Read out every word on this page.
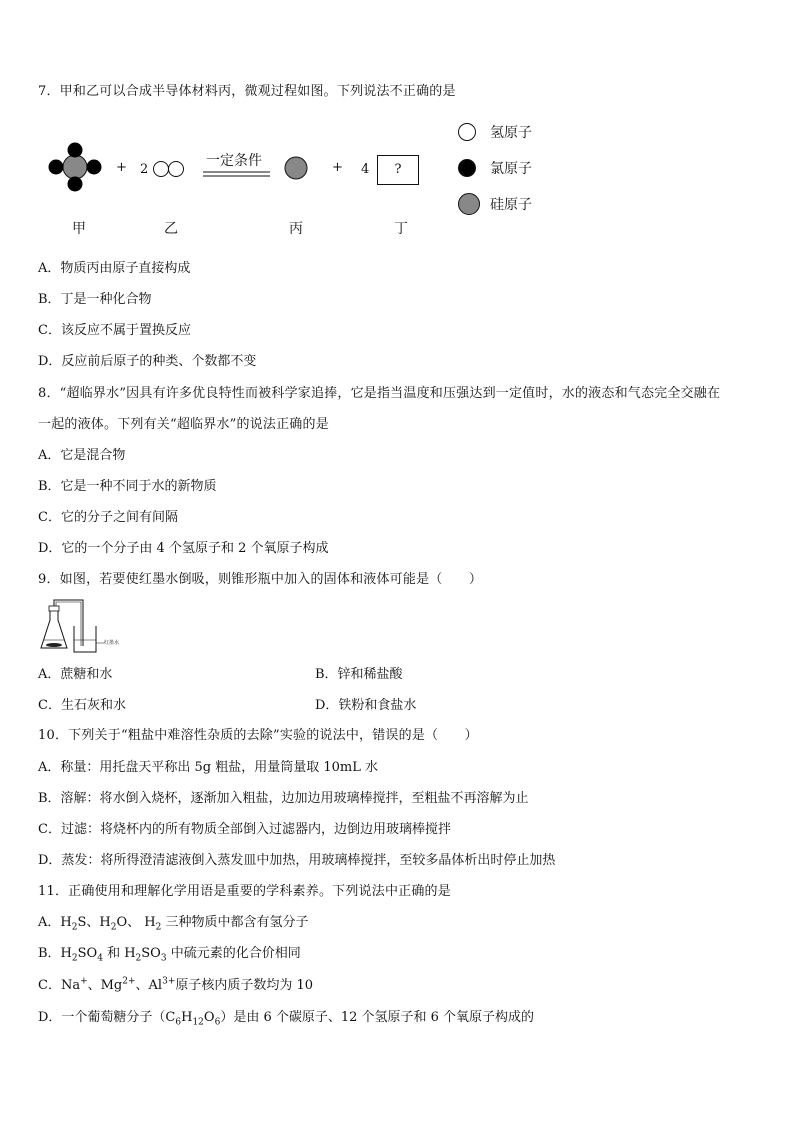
7．甲和乙可以合成半导体材料丙，微观过程如图。下列说法不正确的是
+ 2
一定条件	+ 4	?
甲	乙	丙	丁
氢原子
氯原子
硅原子
A．物质丙由原子直接构成
B．丁是一种化合物
C．该反应不属于置换反应
D．反应前后原子的种类、个数都不变
8．“超临界水”因具有许多优良特性而被科学家追捧，它是指当温度和压强达到一定值时，水的液态和气态完全交融在
一起的液体。下列有关“超临界水”的说法正确的是
A．它是混合物
B．它是一种不同于水的新物质
C．它的分子之间有间隔
D．它的一个分子由 4 个氢原子和 2 个氧原子构成
9．如图，若要使红墨水倒吸，则锥形瓶中加入的固体和液体可能是（　　）
红墨水
A．蔗糖和水	B．锌和稀盐酸
C．生石灰和水	D．铁粉和食盐水
10．下列关于“粗盐中难溶性杂质的去除”实验的说法中，错误的是（　　）
A．称量：用托盘天平称出 5g 粗盐，用量筒量取 10mL 水
B．溶解：将水倒入烧杯，逐渐加入粗盐，边加边用玻璃棒搅拌，至粗盐不再溶解为止
C．过滤：将烧杯内的所有物质全部倒入过滤器内，边倒边用玻璃棒搅拌
D．蒸发：将所得澄清滤液倒入蒸发皿中加热，用玻璃棒搅拌，至较多晶体析出时停止加热
11．正确使用和理解化学用语是重要的学科素养。下列说法中正确的是
A．$H_2S$、$H_2O$、 $H_2$ 三种物质中都含有氢分子
B．$H_2SO_4$ 和 $H_2SO_3$ 中硫元素的化合价相同
C．Na+、$Mg^{2+}$、$Al^{3+}$原子核内质子数均为 10
D．一个葡萄糖分子$(C_6H_{12}O_6)$是由 6 个碳原子、12 个氢原子和 6 个氧原子构成的
